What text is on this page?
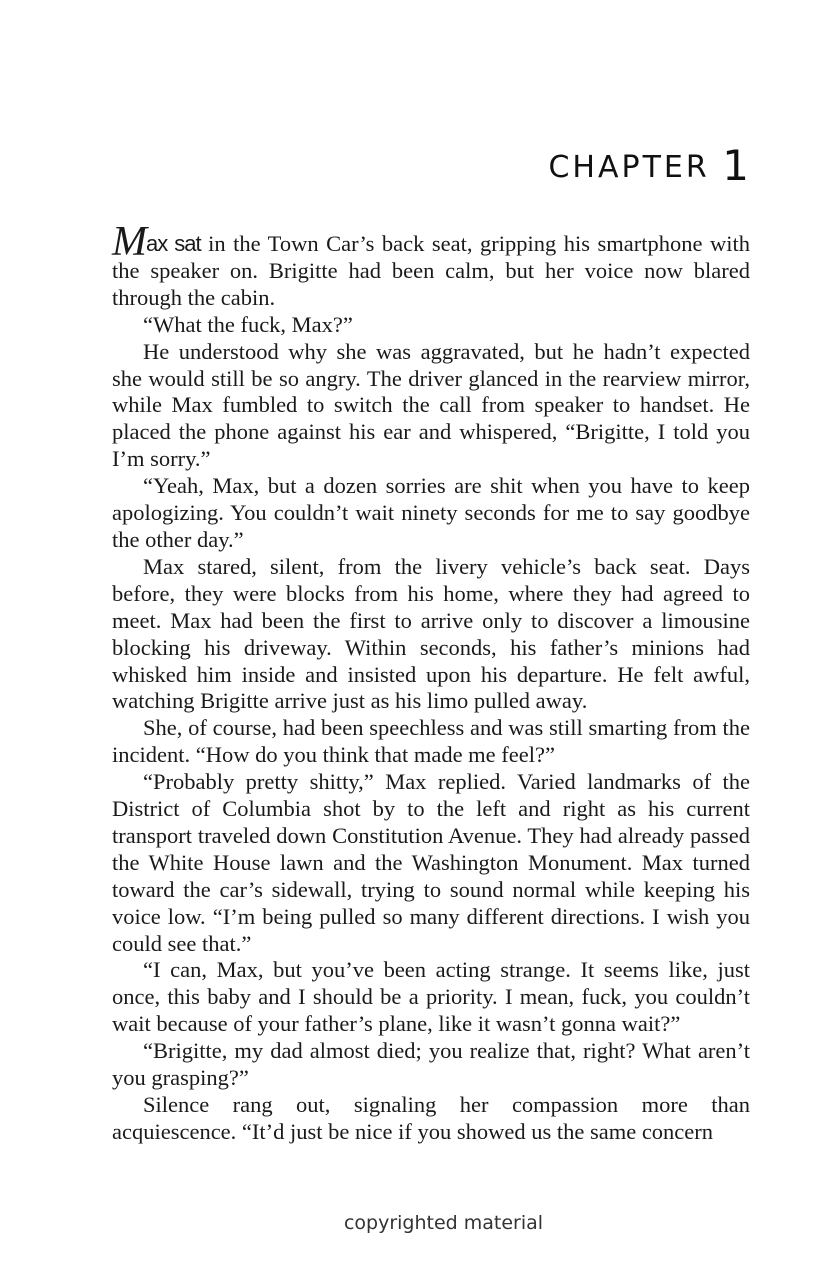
CHAPTER 1

Max sat in the Town Car’s back seat, gripping his smartphone with the speaker on. Brigitte had been calm, but her voice now blared through the cabin.

“What the fuck, Max?”

He understood why she was aggravated, but he hadn’t expected she would still be so angry. The driver glanced in the rearview mirror, while Max fumbled to switch the call from speaker to handset. He placed the phone against his ear and whispered, “Brigitte, I told you I’m sorry.”

“Yeah, Max, but a dozen sorries are shit when you have to keep apologizing. You couldn’t wait ninety seconds for me to say goodbye the other day.”

Max stared, silent, from the livery vehicle’s back seat. Days before, they were blocks from his home, where they had agreed to meet. Max had been the first to arrive only to discover a limousine blocking his driveway. Within seconds, his father’s minions had whisked him inside and insisted upon his departure. He felt awful, watching Brigitte arrive just as his limo pulled away.

She, of course, had been speechless and was still smarting from the incident. “How do you think that made me feel?”

“Probably pretty shitty,” Max replied. Varied landmarks of the District of Columbia shot by to the left and right as his current transport traveled down Constitution Avenue. They had already passed the White House lawn and the Washington Monument. Max turned toward the car’s sidewall, trying to sound normal while keeping his voice low. “I’m being pulled so many different directions. I wish you could see that.”

“I can, Max, but you’ve been acting strange. It seems like, just once, this baby and I should be a priority. I mean, fuck, you couldn’t wait because of your father’s plane, like it wasn’t gonna wait?”

“Brigitte, my dad almost died; you realize that, right? What aren’t you grasping?”

Silence rang out, signaling her compassion more than acquiescence. “It’d just be nice if you showed us the same concern

copyrighted material
